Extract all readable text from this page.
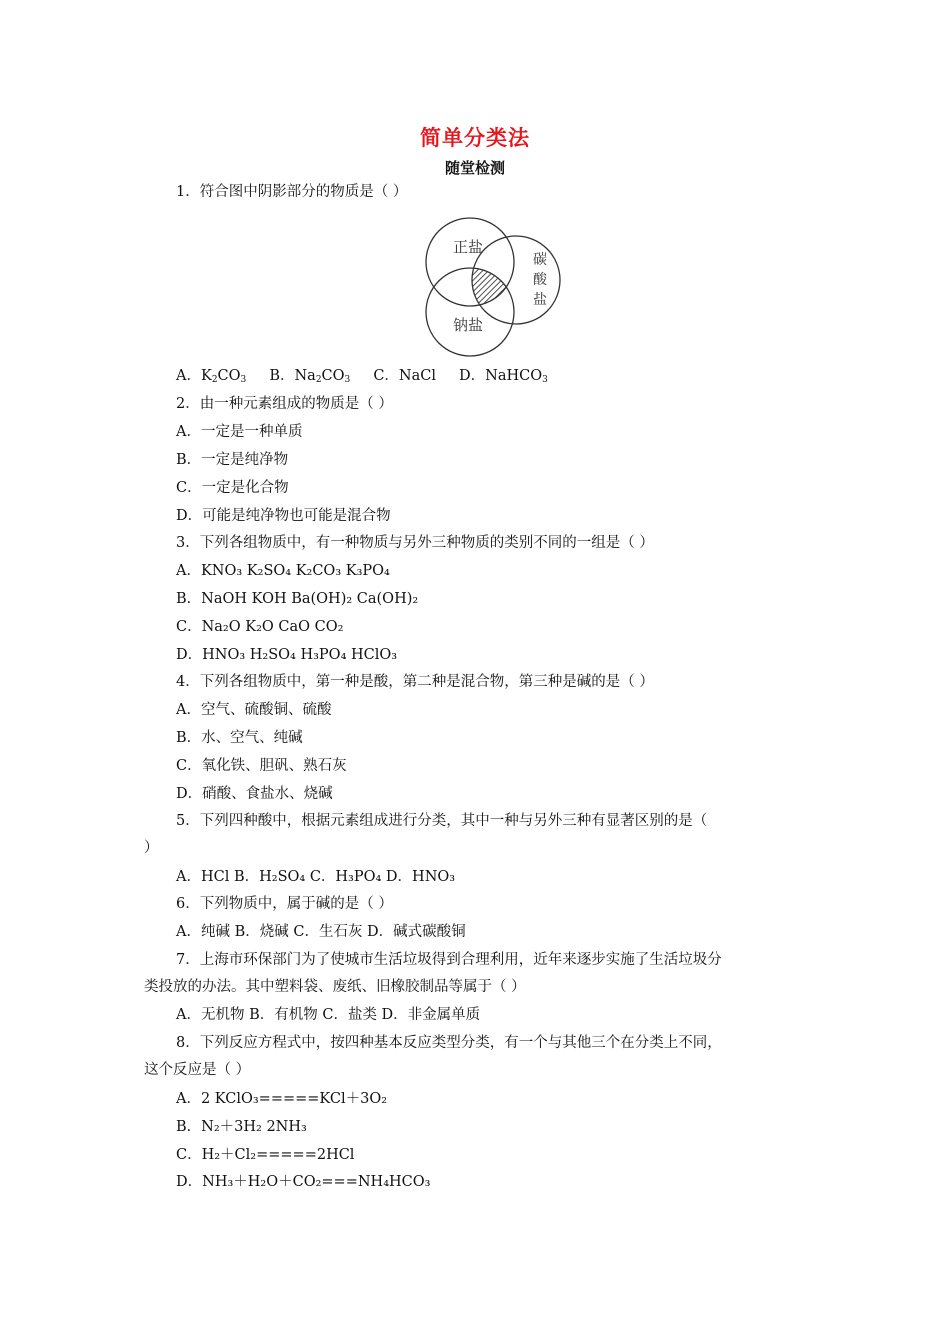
简单分类法
随堂检测
1．符合图中阴影部分的物质是（ ）
正盐
碳
酸
盐
钠盐
A．$K_2CO_3$ B．$Na_2CO_3$ C．NaCl D．NaHCO$_3$
2．由一种元素组成的物质是（ ）
A．一定是一种单质
B．一定是纯净物
C．一定是化合物
D．可能是纯净物也可能是混合物
3．下列各组物质中，有一种物质与另外三种物质的类别不同的一组是（ ）
A．KNO₃ K₂SO₄ K₂CO₃ K₃PO₄
B．NaOH KOH Ba(OH)₂ Ca(OH)₂
C．Na₂O K₂O CaO CO₂
D．HNO₃ H₂SO₄ H₃PO₄ HClO₃
4．下列各组物质中，第一种是酸，第二种是混合物，第三种是碱的是（ ）
A．空气、硫酸铜、硫酸
B．水、空气、纯碱
C．氧化铁、胆矾、熟石灰
D．硝酸、食盐水、烧碱
5．下列四种酸中，根据元素组成进行分类，其中一种与另外三种有显著区别的是（
）
A．HCl B．H₂SO₄ C．H₃PO₄ D．HNO₃
6．下列物质中，属于碱的是（ ）
A．纯碱 B．烧碱 C．生石灰 D．碱式碳酸铜
7．上海市环保部门为了使城市生活垃圾得到合理利用，近年来逐步实施了生活垃圾分
类投放的办法。其中塑料袋、废纸、旧橡胶制品等属于（ ）
A．无机物 B．有机物 C．盐类 D．非金属单质
8．下列反应方程式中，按四种基本反应类型分类，有一个与其他三个在分类上不同，
这个反应是（ ）
A．2 KClO₃=====KCl＋3O₂
B．N₂＋3H₂ 2NH₃
C．H₂＋Cl₂=====2HCl
D．NH₃＋H₂O＋CO₂===NH₄HCO₃
